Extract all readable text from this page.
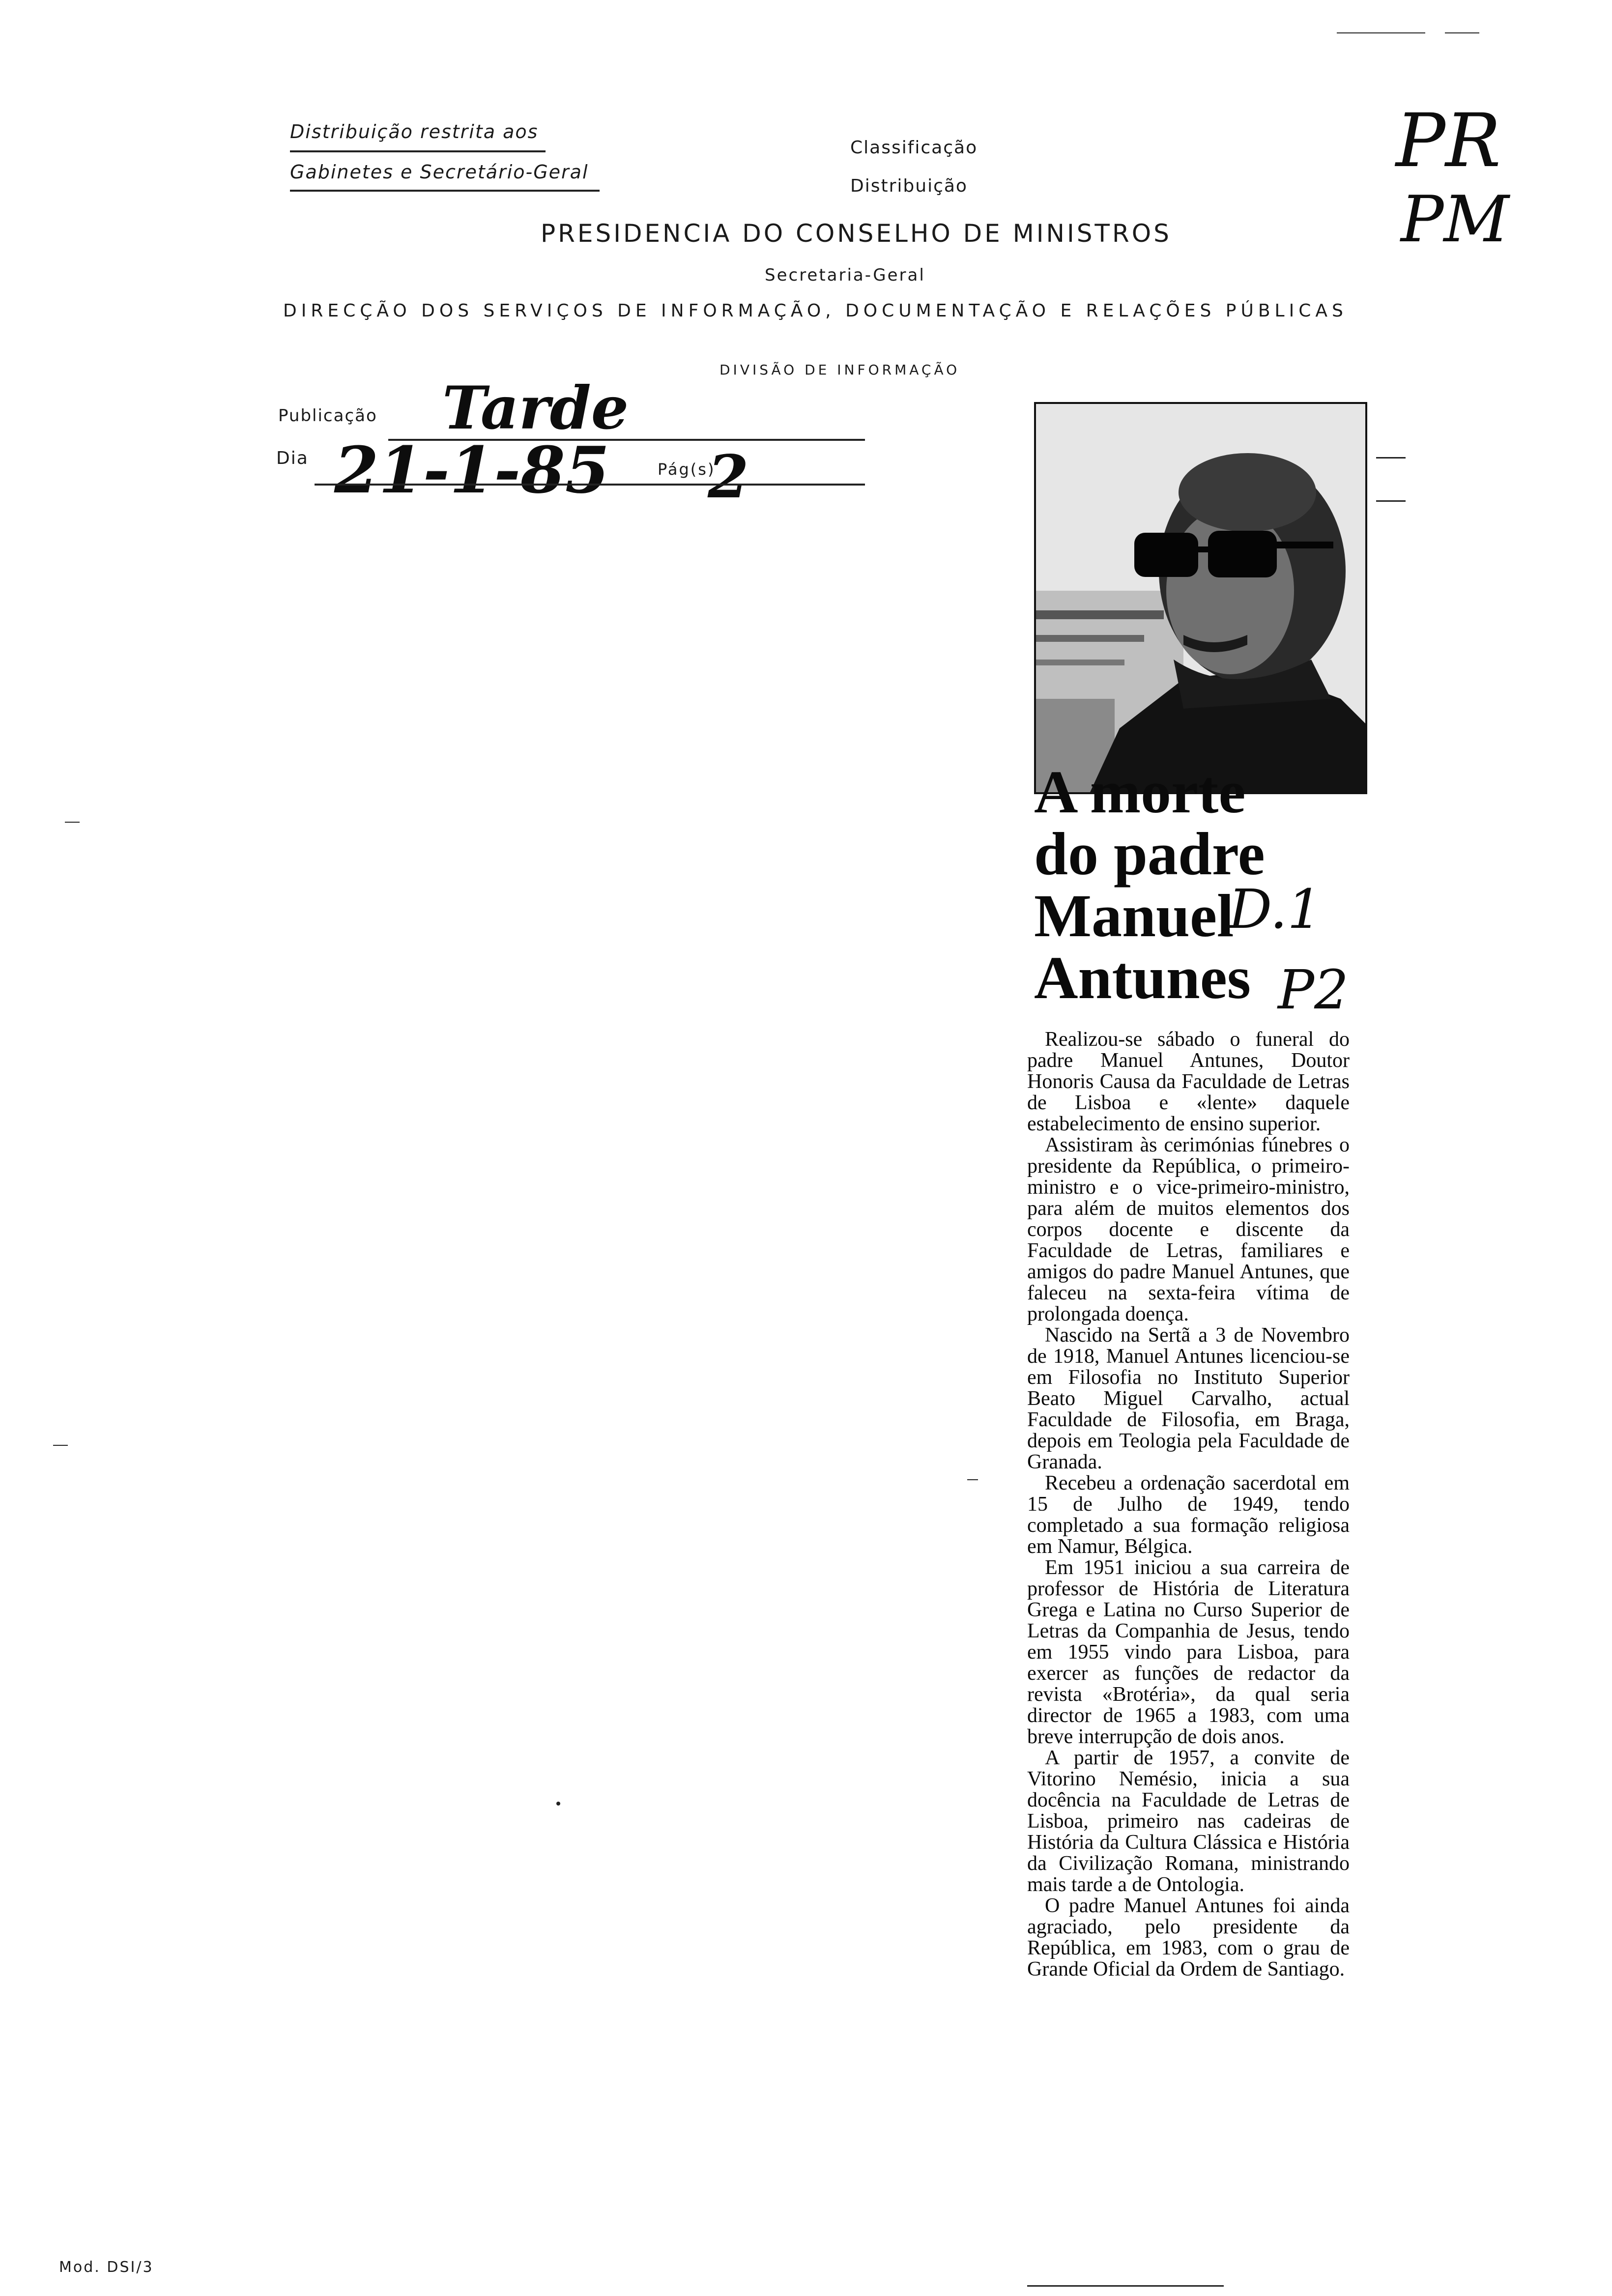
Distribuição restrita aos
Gabinetes e Secretário-Geral
Classificação
Distribuição
PRESIDENCIA DO CONSELHO DE MINISTROS
Secretaria-Geral
DIRECÇÃO DOS SERVIÇOS DE INFORMAÇÃO, DOCUMENTAÇÃO E RELAÇÕES PÚBLICAS
DIVISÃO DE INFORMAÇÃO
Publicação Tarde
Dia 21-1-85	Pág(s)
2
PR
PM
A morte
do padre
Manuel
Antunes
D.1
P2

Realizou-se sábado o funeral do padre Manuel Antunes, Doutor Honoris Causa da Faculdade de Letras de Lisboa e «lente» daquele estabelecimento de ensino superior.

Assistiram às cerimónias fúnebres o presidente da República, o primeiro-ministro e o vice-primeiro-ministro, para além de muitos elementos dos corpos docente e discente da Faculdade de Letras, familiares e amigos do padre Manuel Antunes, que faleceu na sexta-feira vítima de prolongada doença.

Nascido na Sertã a 3 de Novembro de 1918, Manuel Antunes licenciou-se em Filosofia no Instituto Superior Beato Miguel Carvalho, actual Faculdade de Filosofia, em Braga, depois em Teologia pela Faculdade de Granada.

Recebeu a ordenação sacerdotal em 15 de Julho de 1949, tendo completado a sua formação religiosa em Namur, Bélgica.

Em 1951 iniciou a sua carreira de professor de História de Literatura Grega e Latina no Curso Superior de Letras da Companhia de Jesus, tendo em 1955 vindo para Lisboa, para exercer as funções de redactor da revista «Brotéria», da qual seria director de 1965 a 1983, com uma breve interrupção de dois anos.

A partir de 1957, a convite de Vitorino Nemésio, inicia a sua docência na Faculdade de Letras de Lisboa, primeiro nas cadeiras de História da Cultura Clássica e História da Civilização Romana, ministrando mais tarde a de Ontologia.

O padre Manuel Antunes foi ainda agraciado, pelo presidente da República, em 1983, com o grau de Grande Oficial da Ordem de Santiago.

Mod. DSI/3
